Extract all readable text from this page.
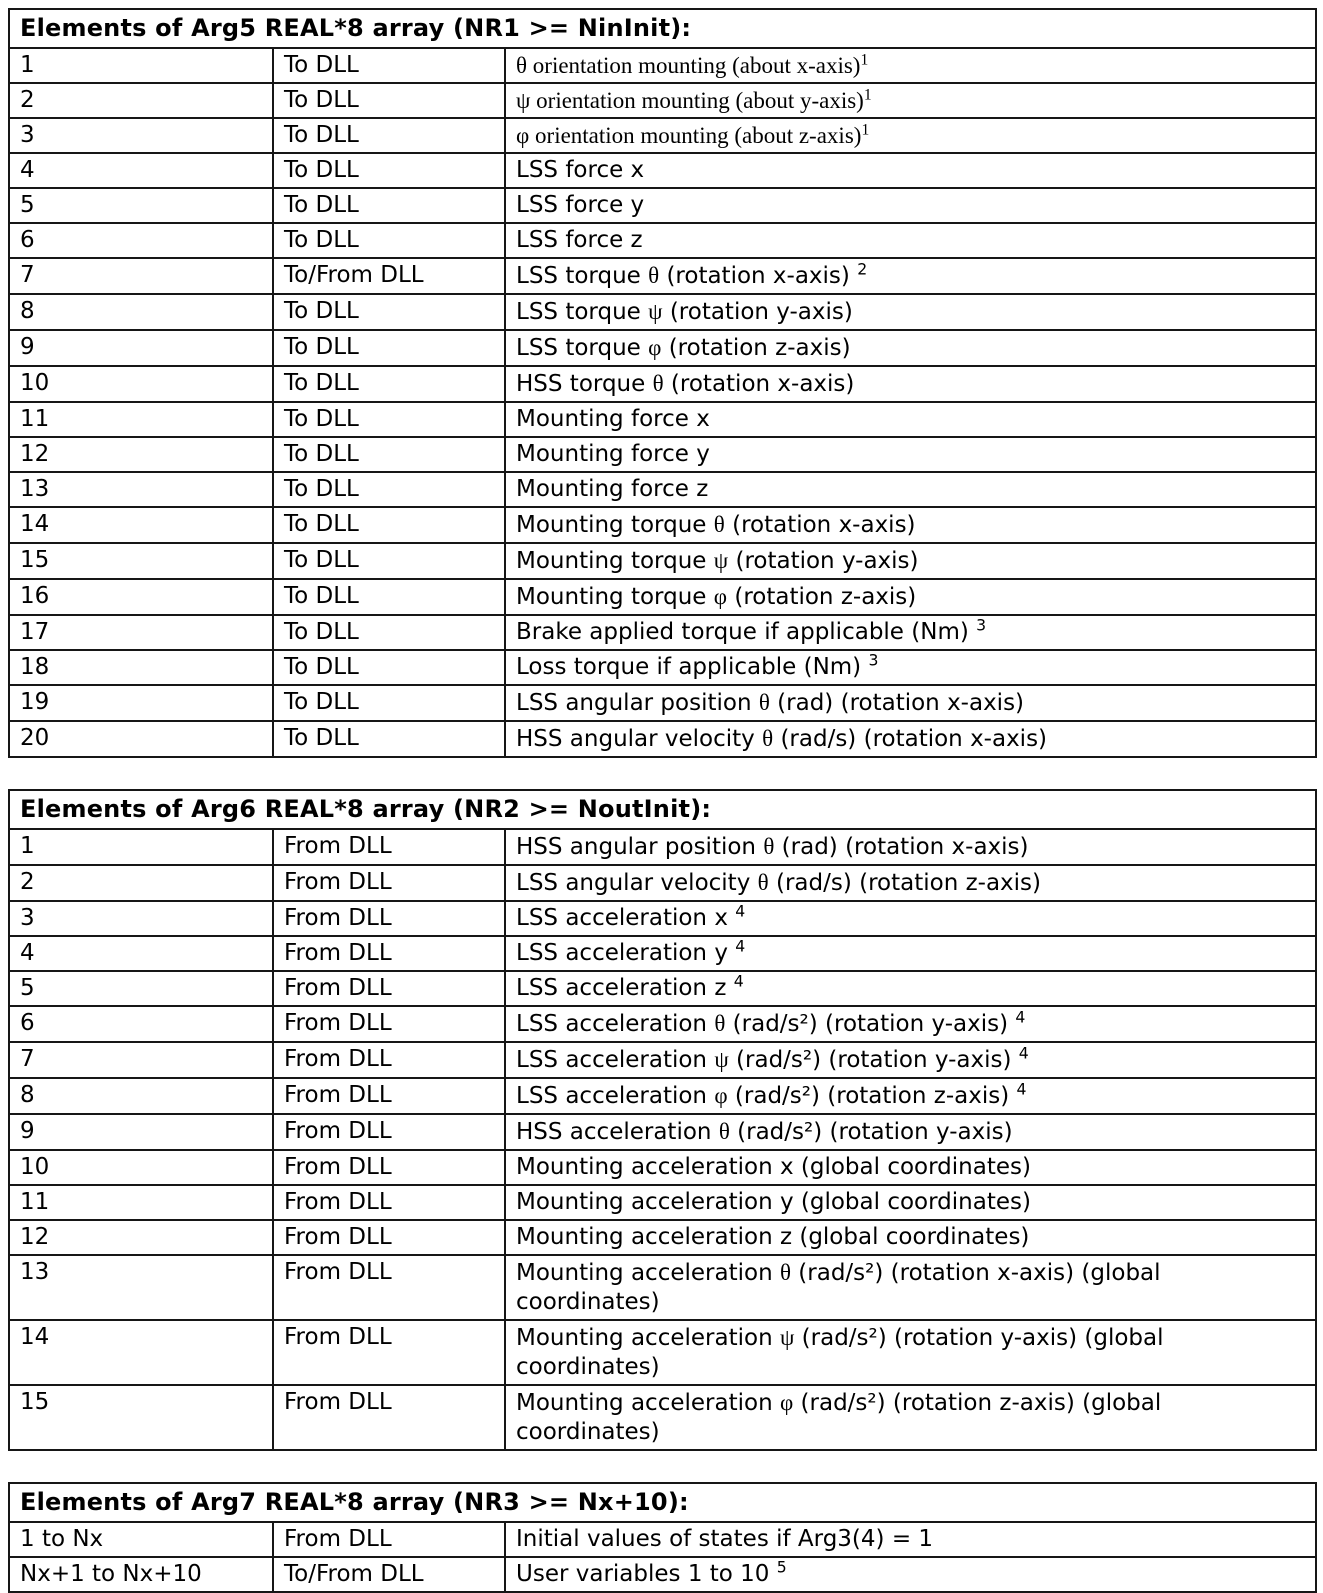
Elements of Arg5 REAL*8 array (NR1 >= NinInit):		
1	To DLL	θ orientation mounting (about x-axis)$^1$
2	To DLL	ψ orientation mounting (about y-axis)$^1$
3	To DLL	φ orientation mounting (about z-axis)$^1$
4	To DLL	LSS force x
5	To DLL	LSS force y
6	To DLL	LSS force z
7	To/From DLL	LSS torque θ (rotation x-axis) $^2$
8	To DLL	LSS torque ψ (rotation y-axis)
9	To DLL	LSS torque φ (rotation z-axis)
10	To DLL	HSS torque θ (rotation x-axis)
11	To DLL	Mounting force x
12	To DLL	Mounting force y
13	To DLL	Mounting force z
14	To DLL	Mounting torque θ (rotation x-axis)
15	To DLL	Mounting torque ψ (rotation y-axis)
16	To DLL	Mounting torque φ (rotation z-axis)
17	To DLL	Brake applied torque if applicable (Nm) $^3$
18	To DLL	Loss torque if applicable (Nm) $^3$
19	To DLL	LSS angular position θ (rad) (rotation x-axis)
20	To DLL	HSS angular velocity θ (rad/s) (rotation x-axis)
Elements of Arg6 REAL*8 array (NR2 >= NoutInit):		
1	From DLL	HSS angular position θ (rad) (rotation x-axis)
2	From DLL	LSS angular velocity θ (rad/s) (rotation z-axis)
3	From DLL	LSS acceleration x $^4$
4	From DLL	LSS acceleration y $^4$
5	From DLL	LSS acceleration z $^4$
6	From DLL	LSS acceleration θ (rad/s²) (rotation y-axis) $^4$
7	From DLL	LSS acceleration ψ (rad/s²) (rotation y-axis) $^4$
8	From DLL	LSS acceleration φ (rad/s²) (rotation z-axis) $^4$
9	From DLL	HSS acceleration θ (rad/s²) (rotation y-axis)
10	From DLL	Mounting acceleration x (global coordinates)
11	From DLL	Mounting acceleration y (global coordinates)
12	From DLL	Mounting acceleration z (global coordinates)
13	From DLL	Mounting acceleration θ (rad/s²) (rotation x-axis) (global coordinates)
14	From DLL	Mounting acceleration ψ (rad/s²) (rotation y-axis) (global coordinates)
15	From DLL	Mounting acceleration φ (rad/s²) (rotation z-axis) (global coordinates)
Elements of Arg7 REAL*8 array (NR3 >= Nx+10):		
1 to Nx	From DLL	Initial values of states if Arg3(4) = 1
Nx+1 to Nx+10	To/From DLL	User variables 1 to 10 $^5$
